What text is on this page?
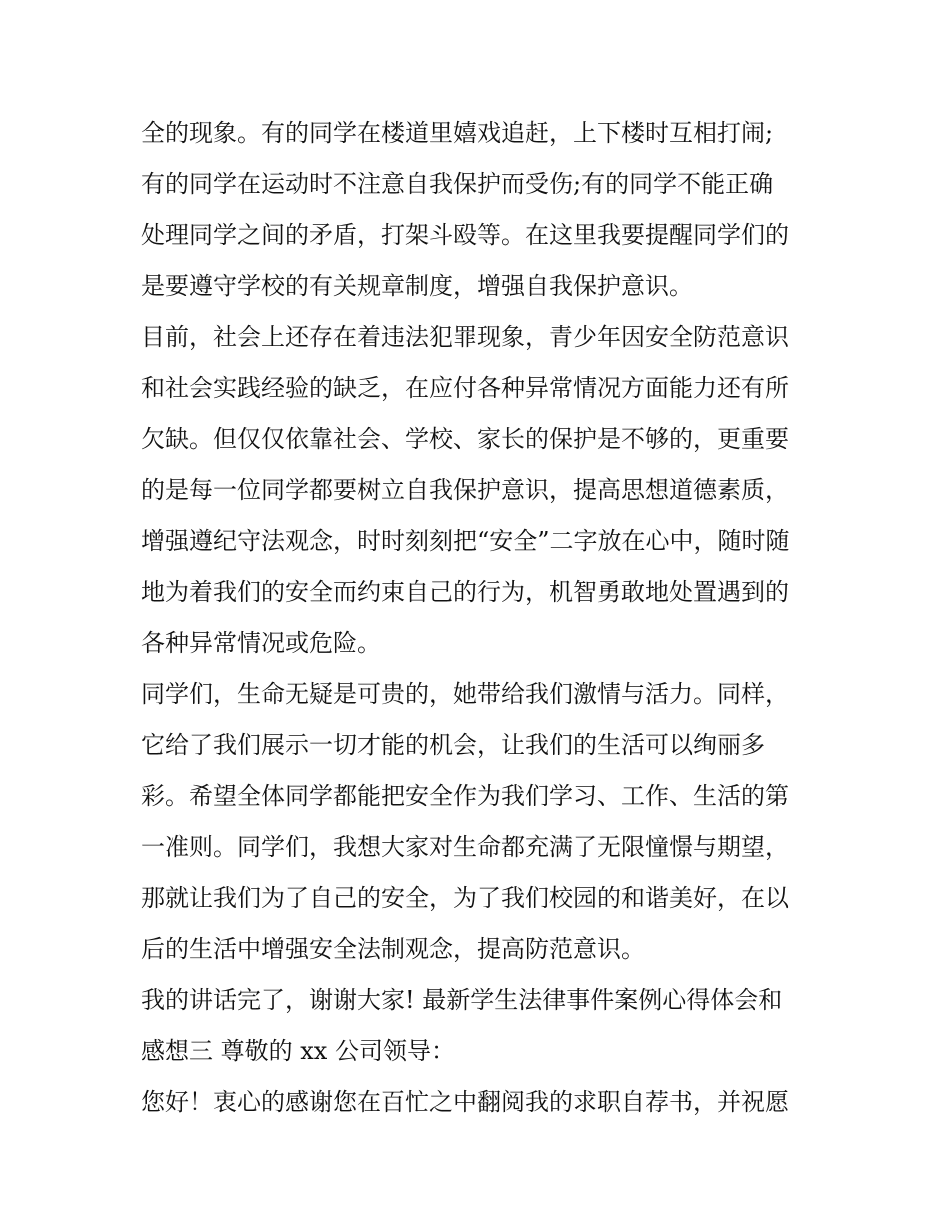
全的现象。有的同学在楼道里嬉戏追赶，上下楼时互相打闹;
有的同学在运动时不注意自我保护而受伤;有的同学不能正确
处理同学之间的矛盾，打架斗殴等。在这里我要提醒同学们的
是要遵守学校的有关规章制度，增强自我保护意识。
目前，社会上还存在着违法犯罪现象，青少年因安全防范意识
和社会实践经验的缺乏，在应付各种异常情况方面能力还有所
欠缺。但仅仅依靠社会、学校、家长的保护是不够的，更重要
的是每一位同学都要树立自我保护意识，提高思想道德素质，
增强遵纪守法观念，时时刻刻把“安全”二字放在心中，随时随
地为着我们的安全而约束自己的行为，机智勇敢地处置遇到的
各种异常情况或危险。
同学们，生命无疑是可贵的，她带给我们激情与活力。同样，
它给了我们展示一切才能的机会，让我们的生活可以绚丽多
彩。希望全体同学都能把安全作为我们学习、工作、生活的第
一准则。同学们，我想大家对生命都充满了无限憧憬与期望，
那就让我们为了自己的安全，为了我们校园的和谐美好，在以
后的生活中增强安全法制观念，提高防范意识。
我的讲话完了，谢谢大家! 最新学生法律事件案例心得体会和
感想三 尊敬的 xx 公司领导：
您好！衷心的感谢您在百忙之中翻阅我的求职自荐书，并祝愿
